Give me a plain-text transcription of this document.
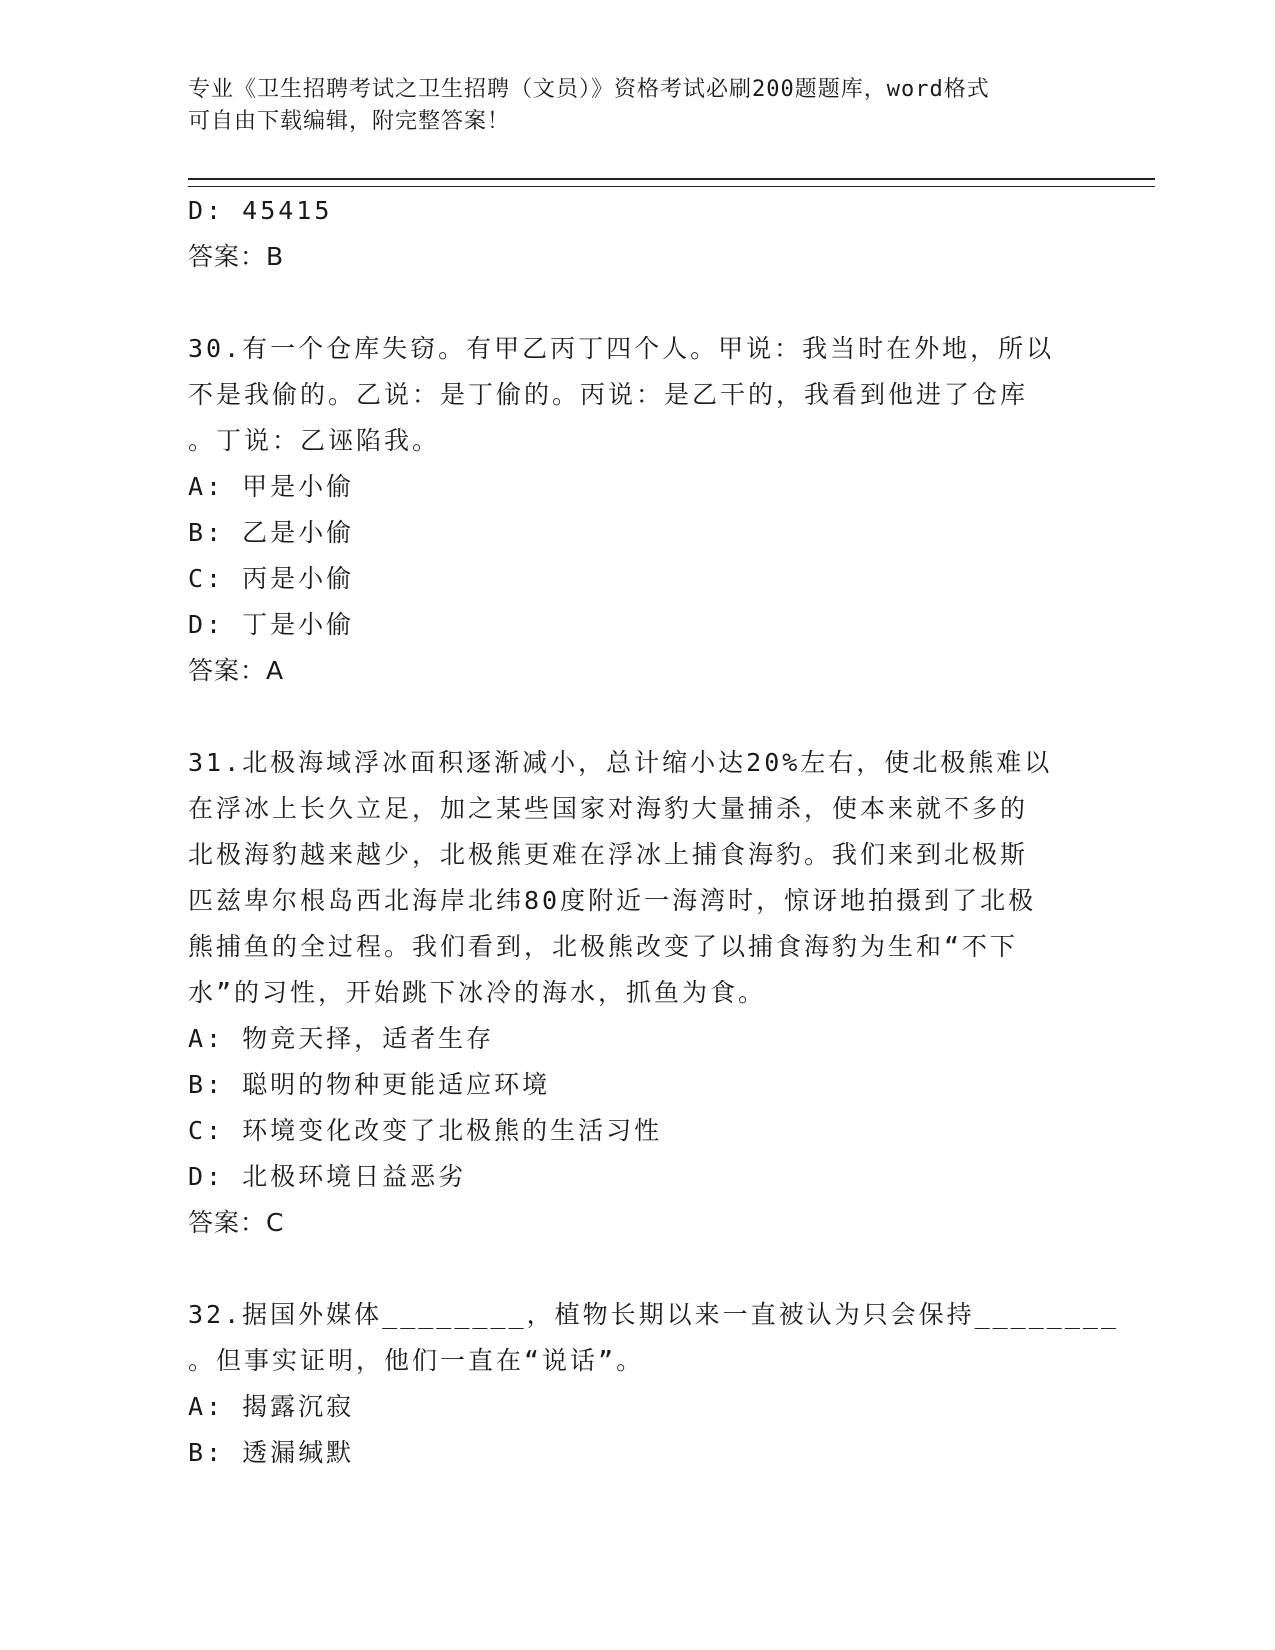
专业《卫生招聘考试之卫生招聘（文员）》资格考试必刷200题题库，word格式
可自由下载编辑，附完整答案！
D: 45415
答案：B
30.有一个仓库失窃。有甲乙丙丁四个人。甲说：我当时在外地，所以
不是我偷的。乙说：是丁偷的。丙说：是乙干的，我看到他进了仓库
。丁说：乙诬陷我。
A: 甲是小偷
B: 乙是小偷
C: 丙是小偷
D: 丁是小偷
答案：A
31.北极海域浮冰面积逐渐减小，总计缩小达20%左右，使北极熊难以
在浮冰上长久立足，加之某些国家对海豹大量捕杀，使本来就不多的
北极海豹越来越少，北极熊更难在浮冰上捕食海豹。我们来到北极斯
匹兹卑尔根岛西北海岸北纬80度附近一海湾时，惊讶地拍摄到了北极
熊捕鱼的全过程。我们看到，北极熊改变了以捕食海豹为生和“不下
水”的习性，开始跳下冰冷的海水，抓鱼为食。
A: 物竞天择，适者生存
B: 聪明的物种更能适应环境
C: 环境变化改变了北极熊的生活习性
D: 北极环境日益恶劣
答案：C
32.据国外媒体________，植物长期以来一直被认为只会保持________
。但事实证明，他们一直在“说话”。
A: 揭露沉寂
B: 透漏缄默
